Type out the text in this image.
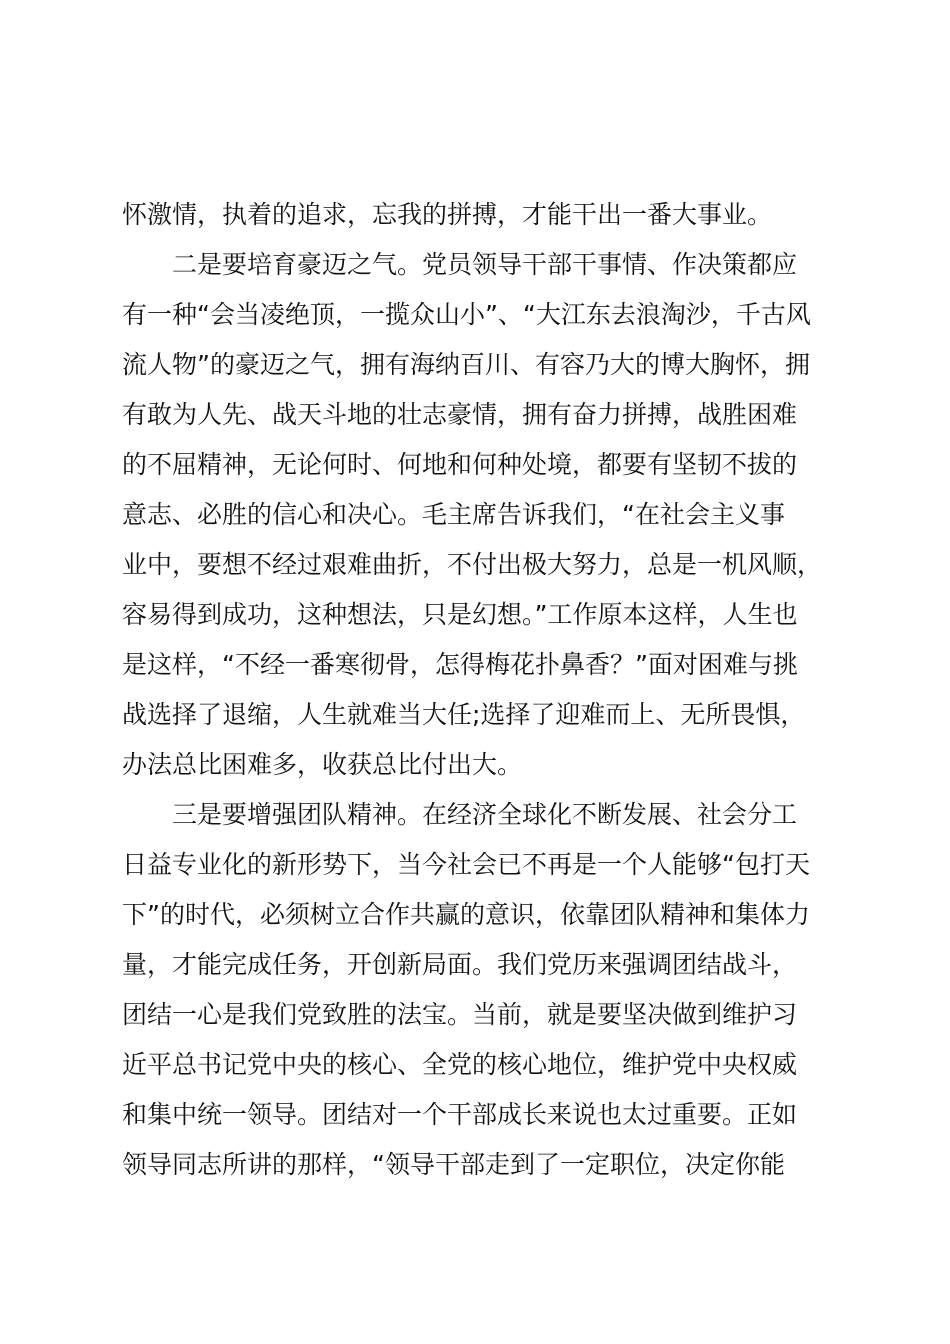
怀激情，执着的追求，忘我的拼搏，才能干出一番大事业。
二是要培育豪迈之气。党员领导干部干事情、作决策都应
有一种“会当凌绝顶，一揽众山小”、“大江东去浪淘沙，千古风
流人物”的豪迈之气，拥有海纳百川、有容乃大的博大胸怀，拥
有敢为人先、战天斗地的壮志豪情，拥有奋力拼搏，战胜困难
的不屈精神，无论何时、何地和何种处境，都要有坚韧不拔的
意志、必胜的信心和决心。毛主席告诉我们，“在社会主义事
业中，要想不经过艰难曲折，不付出极大努力，总是一机风顺，
容易得到成功，这种想法，只是幻想。”工作原本这样，人生也
是这样，“不经一番寒彻骨，怎得梅花扑鼻香？”面对困难与挑
战选择了退缩，人生就难当大任;选择了迎难而上、无所畏惧，
办法总比困难多，收获总比付出大。
三是要增强团队精神。在经济全球化不断发展、社会分工
日益专业化的新形势下，当今社会已不再是一个人能够“包打天
下”的时代，必须树立合作共赢的意识，依靠团队精神和集体力
量，才能完成任务，开创新局面。我们党历来强调团结战斗，
团结一心是我们党致胜的法宝。当前，就是要坚决做到维护习
近平总书记党中央的核心、全党的核心地位，维护党中央权威
和集中统一领导。团结对一个干部成长来说也太过重要。正如
领导同志所讲的那样，“领导干部走到了一定职位，决定你能
